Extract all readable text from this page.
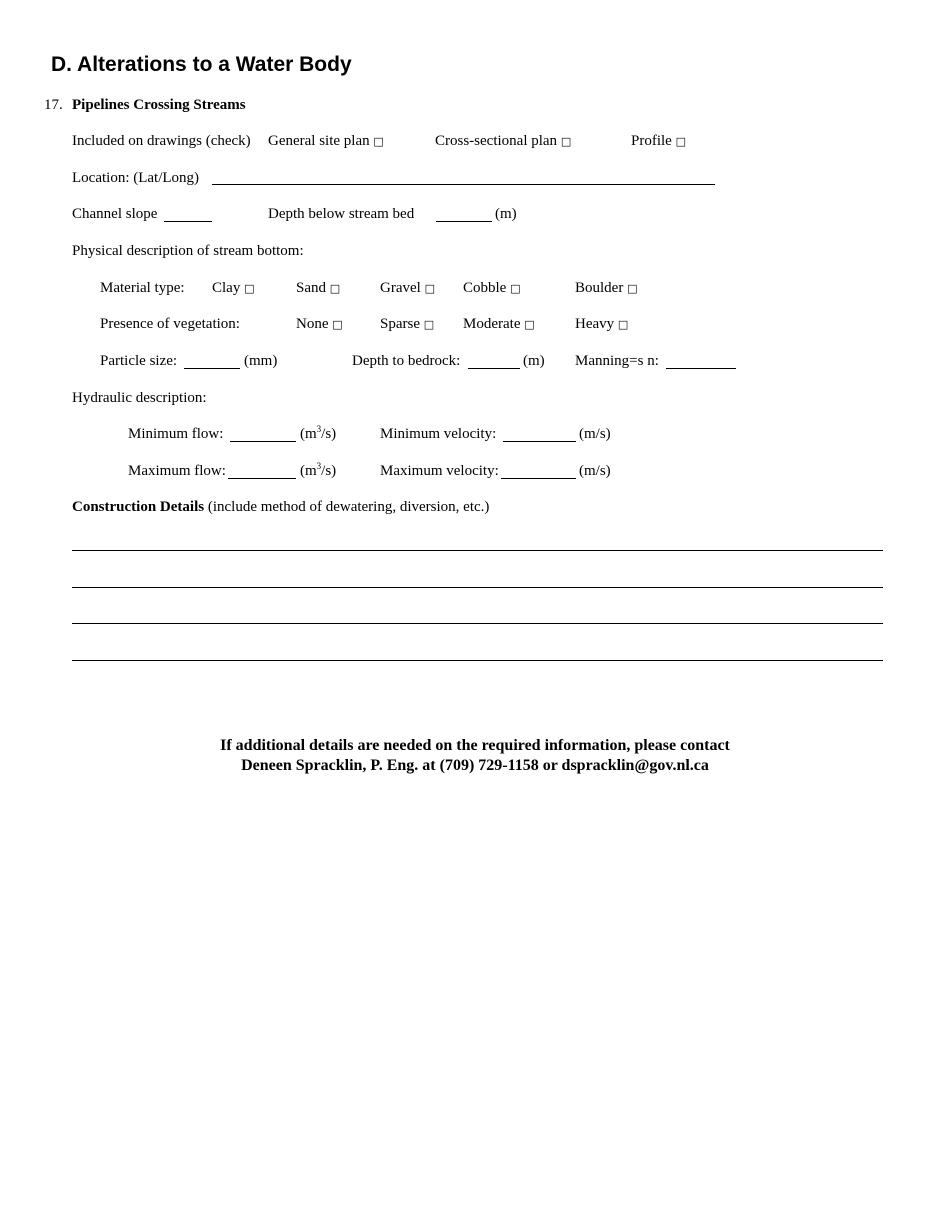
D. Alterations to a Water Body
17. Pipelines Crossing Streams
Included on drawings (check) General site plan □	Cross-sectional plan □	Profile □
Location: (Lat/Long)
Channel slope	Depth below stream bed	(m)
Physical description of stream bottom:
Material type: Clay □	Sand □	Gravel □ Cobble □	Boulder □
Presence of vegetation:	None □ Sparse □ Moderate □	Heavy □
Particle size:	(mm)	Depth to bedrock:	(m) Manning=s n:
Hydraulic description:
Minimum flow:	$(m^3/s)$	Minimum velocity:	(m/s)
Maximum flow:	$(m^3/s)$	Maximum velocity:	(m/s)
Construction Details (include method of dewatering, diversion, etc.)
If additional details are needed on the required information, please contact
Deneen Spracklin, P. Eng. at (709) 729-1158 or dspracklin@gov.nl.ca
